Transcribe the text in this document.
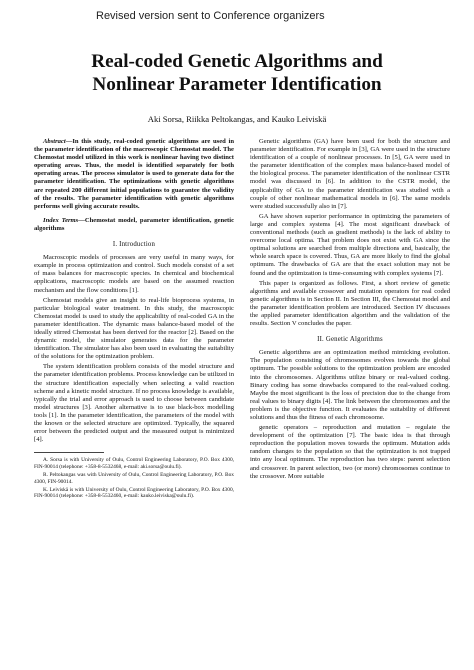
Revised version sent to Conference organizers
Real-coded Genetic Algorithms and
Nonlinear Parameter Identification
Aki Sorsa, Riikka Peltokangas, and Kauko Leiviskä

Abstract—In this study, real-coded genetic algorithms are used in the parameter identification of the macroscopic Chemostat model. The Chemostat model utilized in this work is nonlinear having two distinct operating areas. Thus, the model is identified separately for both operating areas. The process simulator is used to generate data for the parameter identification. The optimizations with genetic algorithms are repeated 200 different initial populations to guarantee the validity of the results. The parameter identification with genetic algorithms performs well giving accurate results.

Index Terms—Chemostat model, parameter identification, genetic algorithms

I. Introduction

Macroscopic models of processes are very useful in many ways, for example in process optimization and control. Such models consist of a set of mass balances for macroscopic species. In chemical and biochemical applications, macroscopic models are based on the assumed reaction mechanism and the flow conditions [1].

Chemostat models give an insight to real-life bioprocess systems, in particular biological water treatment. In this study, the macroscopic Chemostat model is used to study the applicability of real-coded GA in the parameter identification. The dynamic mass balance-based model of the ideally stirred Chemostat has been derived for the reactor [2]. Based on the dynamic model, the simulator generates data for the parameter identification. The simulator has also been used in evaluating the suitability of the solutions for the optimization problem.

The system identification problem consists of the model structure and the parameter identification problems. Process knowledge can be utilized in the structure identification especially when selecting a valid reaction scheme and a kinetic model structure. If no process knowledge is available, typically the trial and error approach is used to choose between candidate model structures [3]. Another alternative is to use black-box modelling tools [1]. In the parameter identification, the parameters of the model with the known or the selected structure are optimized. Typically, the squared error between the predicted output and the measured output is minimized [4].

A. Sorsa is with University of Oulu, Control Engineering Laboratory, P.O. Box 4300, FIN-90014 (telephone: +358-8-5532468, e-mail: aki.sorsa@oulu.fi).

R. Peltokangas was with University of Oulu, Control Engineering Laboratory, P.O. Box 4300, FIN-90014.

K. Leiviskä is with University of Oulu, Control Engineering Laboratory, P.O. Box 4300, FIN-90014 (telephone: +358-8-5532460, e-mail: kauko.leiviska@oulu.fi).

Genetic algorithms (GA) have been used for both the structure and parameter identification. For example in [3], GA were used in the structure identification of a couple of nonlinear processes. In [5], GA were used in the parameter identification of the complex mass balance-based model of the biological process. The parameter identification of the nonlinear CSTR model was discussed in [6]. In addition to the CSTR model, the applicability of GA to the parameter identification was studied with a couple of other nonlinear mathematical models in [6]. The same models were studied successfully also in [7].

GA have shown superior performance in optimizing the parameters of large and complex systems [4]. The most significant drawback of conventional methods (such as gradient methods) is the lack of ability to overcome local optima. That problem does not exist with GA since the optimal solutions are searched from multiple directions and, basically, the whole search space is covered. Thus, GA are more likely to find the global optimum. The drawbacks of GA are that the exact solution may not be found and the optimization is time-consuming with complex systems [7].

This paper is organized as follows. First, a short review of genetic algorithms and available crossover and mutation operators for real coded genetic algorithms is in Section II. In Section III, the Chemostat model and the parameter identification problem are introduced. Section IV discusses the applied parameter identification algorithm and the validation of the results. Section V concludes the paper.

II. Genetic Algorithms

Genetic algorithms are an optimization method mimicking evolution. The population consisting of chromosomes evolves towards the global optimum. The possible solutions to the optimization problem are encoded into the chromosomes. Algorithms utilize binary or real-valued coding. Binary coding has some drawbacks compared to the real-valued coding. Maybe the most significant is the loss of precision due to the change from real values to binary digits [4]. The link between the chromosomes and the problem is the objective function. It evaluates the suitability of different solutions and thus the fitness of each chromosome.

genetic operators – reproduction and mutation – regulate the development of the optimization [7]. The basic idea is that through reproduction the population moves towards the optimum. Mutation adds random changes to the population so that the optimization is not trapped into any local optimum. The reproduction has two steps: parent selection and crossover. In parent selection, two (or more) chromosomes continue to the crossover. More suitable
